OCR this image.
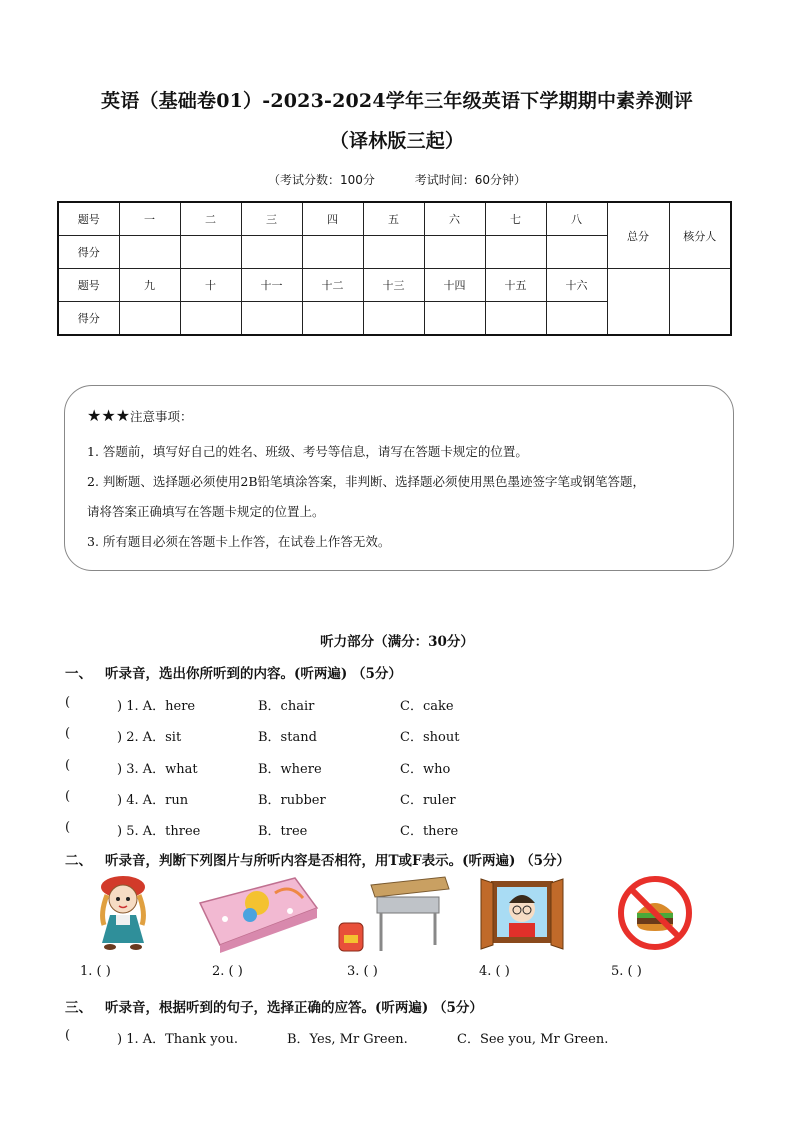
英语（基础卷01）-2023-2024学年三年级英语下学期期中素养测评
（译林版三起）
（考试分数：100分	考试时间：60分钟）
题号	一	二	三	四	五	六	七	八	总分	核分人
得分										
题号	九	十	十一	十二	十三	十四	十五	十六		
得分										
★★★注意事项：

1. 答题前，填写好自己的姓名、班级、考号等信息，请写在答题卡规定的位置。

2. 判断题、选择题必须使用2B铅笔填涂答案，非判断、选择题必须使用黑色墨迹签字笔或钢笔答题，

请将答案正确填写在答题卡规定的位置上。

3. 所有题目必须在答题卡上作答，在试卷上作答无效。

听力部分（满分：30分）
一、 听录音，选出你所听到的内容。(听两遍) （5分）
(	) 1. A．here	B．chair	C．cake
(	) 2. A．sit	B．stand	C．shout
(	) 3. A．what	B．where	C．who
(	) 4. A．run	B．rubber	C．ruler
(	) 5. A．three	B．tree	C．there
二、 听录音，判断下列图片与所听内容是否相符，用T或F表示。(听两遍) （5分）
1. ( )	2. ( )	3. ( )	4. ( )	5. ( )
三、 听录音，根据听到的句子，选择正确的应答。(听两遍) （5分）
(	) 1. A．Thank you.	B．Yes, Mr Green.	C．See you, Mr Green.
